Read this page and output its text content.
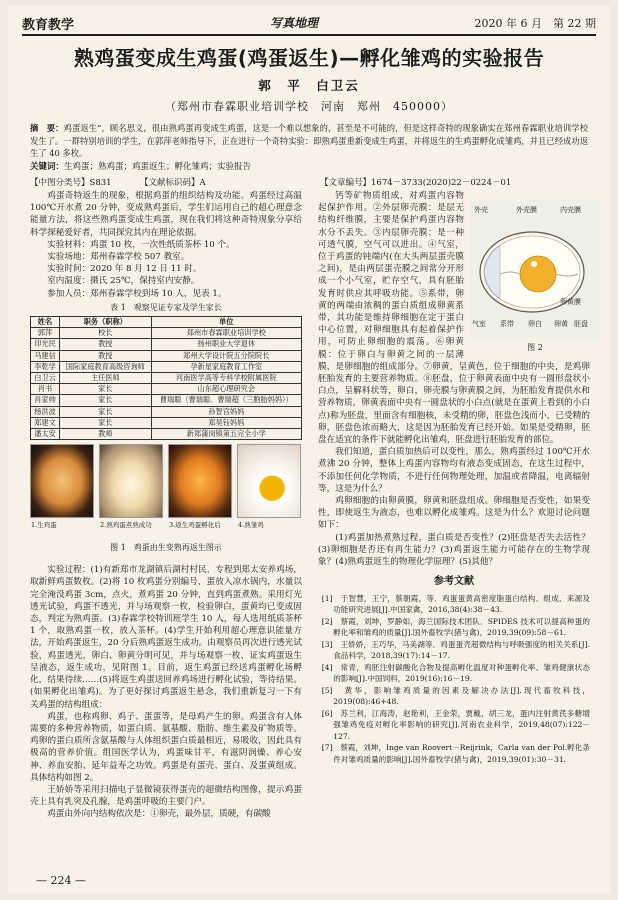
教育教学	写真地理	2020 年 6 月　第 22 期
熟鸡蛋变成生鸡蛋(鸡蛋返生)—孵化雏鸡的实验报告
郭　平　白卫云
（郑州市春霖职业培训学校　河南　郑州　450000）
摘　要：鸡蛋返生”，顾名思义，很由熟鸡蛋再变成生鸡蛋，这是一个难以想象的，甚至是不可能的，但是这样奇特的现象确实在郑州春霖职业培训学校发生了。一群特别培训的学生，在郭萍老师指导下，正在进行一个奇特实验：即熟鸡蛋重新变成生鸡蛋，并将返生的生鸡蛋孵化成雏鸡，并且已经成功返生了 40 多枚。
关键词：生鸡蛋；熟鸡蛋；鸡蛋返生；孵化雏鸡；实验报告
【中图分类号】S831	【文献标识码】A	【文章编号】1674－3733(2020)22－0224－01

鸡蛋奇特返生的现象，根据鸡蛋的组织结构及功能。鸡蛋经过高温 100℃开水煮 20 分钟，变成熟鸡蛋后，学生们运用自己的超心理意念能量方法，将这些熟鸡蛋变成生鸡蛋，现在我们将这种奇特现象分享给科学探秘爱好者，共同探究其内在理论依据。

实验材料：鸡蛋 10 枚，一次性纸质茶杯 10 个。

实验场地：郑州春霖学校 507 教室。

实验时间：2020 年 8 月 12 日 11 时。

室内温度：摄氏 25℃，保持室内安静。

参加人员：郑州春霖学校到场 10 人，见表 1。

表 1　观察见证专家及学生家长
姓名	职务（职称）	单位
郭萍	校长	郑州市春霖职业培训学校
印光民	教授	扬州职业大学退休
马建信	教授	郑州大学设计院五分院院长
李乾学	国际家庭教育高级咨询师	孕新星家庭教育工作室
白卫云	主任医师	河南医学高等专科学校附属医院
肖书	家长	山东超心理研究会
肖家帅	家长	曹瑞聪（曹瑞聪、曹瑞超（三胞胎妈妈））
杨洪波	家长	孙智宫妈妈
郑建文	家长	郑昊钰妈妈
潘太安	教师	新郑蒲岗镇第五完全小学
1.生鸡蛋	2.熟鸡蛋煮熟成功	3.返生鸡蛋孵化后	4.熟雏鸡
图 1　鸡蛋由生变熟再返生图示

实验过程：(1)有新郑市龙湖镇后湖村村民，专程到郑太安养鸡场，取新鲜鸡蛋数枚。(2)将 10 枚鸡蛋分别编号，蛋放入凉水锅内，水量以完全淹没鸡蛋 3cm，点火，煮鸡蛋 20 分钟，直到鸡蛋煮熟。采用灯光透光试验，鸡蛋不透光，并与场观察一枚，检验卵白，蛋黄均已变成固态，判定为熟鸡蛋。(3)春霖学校特训班学生 10 人，每人选用纸质茶杯 1 个，取熟鸡蛋一枚，放入茶杯。(4)学生开始利用超心理意识能量方法，开始鸡蛋返生，20 分后熟鸡蛋返生成功。由观察员再次进行透光试验，鸡蛋透光，卵白、卵黄分明可见，并与场观察一枚，证实鸡蛋返生呈液态，返生成功，见附图 1。目前，返生鸡蛋已经送鸡蛋孵化场孵化，结果待续……(5)将返生鸡蛋送回养鸡场进行孵化试验，等待结果。(如果孵化出雏鸡)。为了更好探讨鸡蛋返生悬念，我们重新复习一下有关鸡蛋的结构组成：

鸡蛋，也称鸡卵、鸡子、蛋蛋等，是母鸡产生的卵。鸡蛋含有人体需要的多种营养物质，如蛋白质、氨基酸、脂肪、维生素及矿物质等。鸡卵的蛋白质所含氨基酸与人体组织蛋白质最相近，易吸收，因此具有极高的营养价值。组国医学认为，鸡蛋味甘平，有滋阴润燥、养心安神、养血安胎、延年益寿之功效。鸡蛋是有蛋壳、蛋白、及蛋黄组成。具体结构如图 2。

王娇娇等采用扫描电子显微镜获得蛋壳的超微结构图像，提示鸡蛋壳上具有乳突及孔腺，是鸡蛋呼吸的主要门户。

鸡蛋由外向内结构依次是：①卵壳，最外层，质硬，有碳酸

外壳	外壳膜	内壳膜
气室 系带 卵白 卵黄 胚盘
卵黄膜
图 2

钙等矿物质组成，对鸡蛋内容物起保护作用。②外层卵壳膜：是层无结构纤维膜，主要是保护鸡蛋内容物水分不丢失。③内层卵壳膜：是一种可透气膜，空气可以进出。④气室，位于鸡蛋的钝端内(在大头两层蛋壳膜之间)，是由两层蛋壳膜之间常分开形成一个小气室，贮存空气，具有胚胎发育时供应其呼吸功能。⑤系带，卵黄的两端由浓稠的蛋白质组成卵黄系带，其功能是维持卵细胞在定于蛋白中心位置，对卵细胞具有起着保护作用，可防止卵细胞的震荡。⑥卵黄膜：位于卵白与卵黄之间的一层薄膜，是卵细胞的组成部分。⑦卵黄，呈黄色，位于细胞的中央，是鸡卵胚胎发育的主要营养物质。⑧胚盘，位于卵黄表面中央有一圆形盘状小白点，呈解料状等，卵白，卵壳膜与卵黄膜之间，为胚胎发育提供水和营养物质，卵黄表面中央有一圆盘状的小白点(就是在蛋黄上看到的小白点)称为胚盘，里面含有细胞核，未受精的卵，胚盘色浅而小，已受精的卵，胚盘色浓而略大，这是因为胚胎发育已经开始。如果是受精卵，胚盘在适宜的条件下就能孵化出雏鸡，胚盘进行胚胎发育的部位。

我们知道，蛋白质加热后可以变性，那么，熟鸡蛋经过 100℃开水煮沸 20 分钟，整体上鸡蛋内容物均有液态变成固态，在这生过程中，不添加任何化学物质，不进行任何物理处理，加温或者降温，电离辐射等，这是为什么？

鸡卵细胞的由卵黄膜，卵黄和胚盘组成。卵细胞是否变性，如果变性，即使返生为液态，也难以孵化成雏鸡。这是为什么？欢迎讨论问题如下：

(1)鸡蛋加热煮熟过程，蛋白质是否变性？(2)胚盘是否失去活性？(3)卵细胞是否还有再生能力？(3)鸡蛋返生能力可能存在的生物学现象？(4)熟鸡蛋返生的物理化学原理？(5)其他？

参考文献
[1]　于智慧，王宁，蔡朝霞，等．鸡蛋蛋黄高密度脂蛋白结构、组成、来源及功能研究进展[J].中国家禽，2016,38(4):38－43.
[2]　蔡霞，刘坤，罗静如，海兰国际技术团队．SPIDES 技术可以提高种蛋的孵化率和雏鸡的质量[J].国外畜牧学(猪与禽)，2019,39(09):58－61.
[3]　王娇娇，王巧华，马美湖等．鸡蛋蛋壳超微结构与呼吸强度的相关关系[J].食品科学，2018,39(17):14－17.
[4]　常青，鸡胚注射碳酸化合物及提高孵化温度对种蛋孵化率、雏鸡健康状态的影响[J].中国饲料，2019(16):16－19.
[5]　黄华，影响雏鸡质量的因素及解决办法[J].现代畜牧科技，2019(08):46+48.
[6]　苏兰利，江海涛，赵艳利，王金荣，贾戴，胡三龙，蛋内注射黄芪多糖增强雏鸡免疫对孵化率影响的研究[J].河南农业科学，2019,48(07):122－127.
[7]　蔡霞，刘坤，Inge van Roovert－Reijrink，Carla van der Pol.孵化条件对雏鸡质量的影响[J].国外畜牧学(猪与禽)，2019,39(01):30－31.
— 224 —
